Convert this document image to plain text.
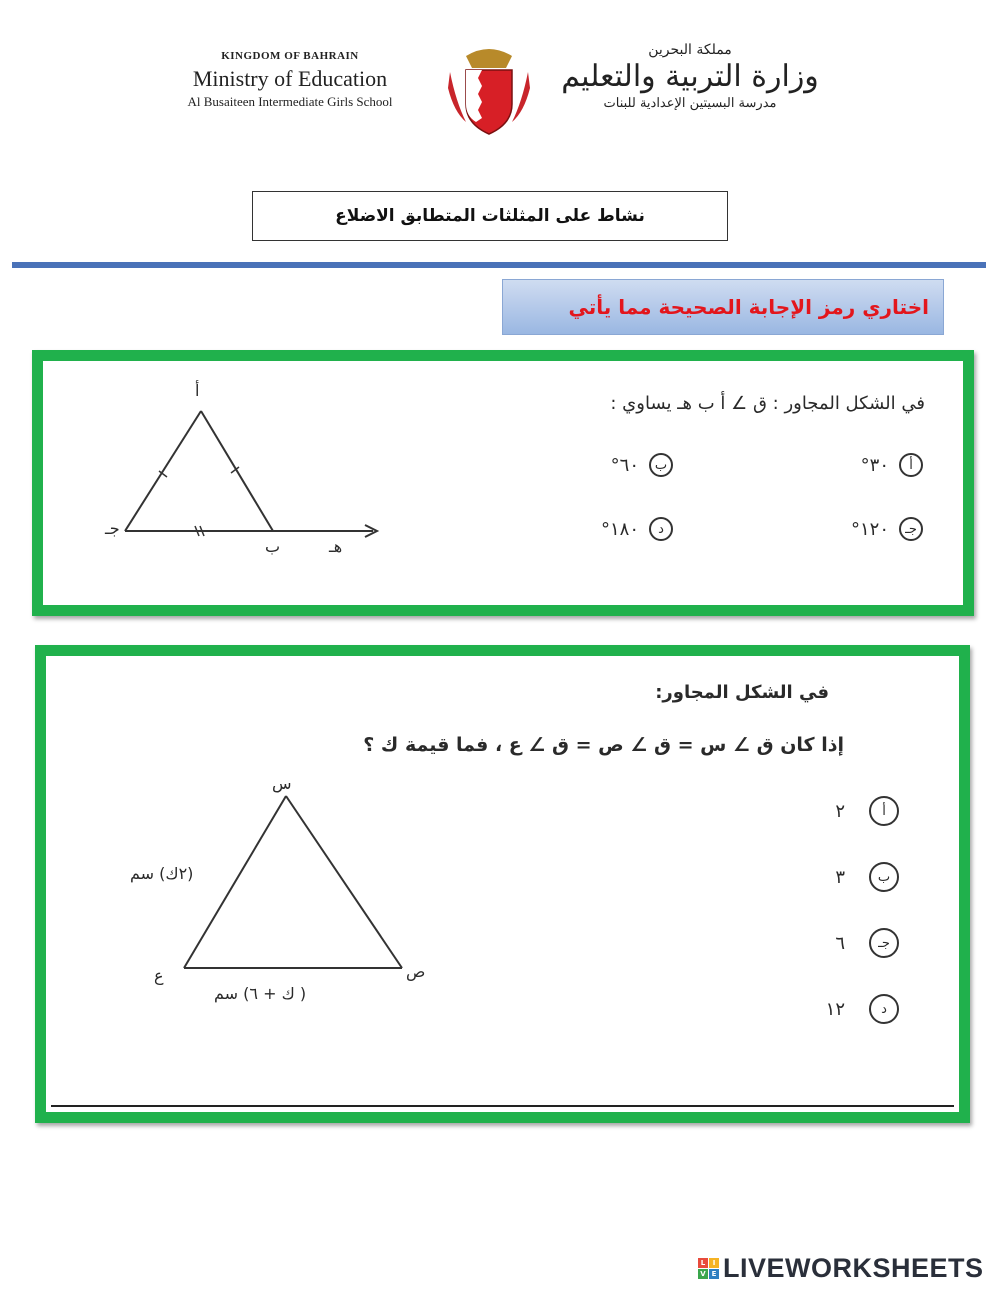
KINGDOM OF BAHRAIN
Ministry of Education
Al Busaiteen Intermediate Girls School
مملكة البحرين
وزارة التربية والتعليم
مدرسة البسيتين الإعدادية للبنات
نشاط على المثلثات المتطابق الاضلاع
اختاري رمز الإجابة الصحيحة مما يأتي
في الشكل المجاور : ق ∠ أ ب هـ يساوي :
أ
٣٠°
ب
٦٠°
جـ
١٢٠°
د
١٨٠°
أ
جـ
ب	هـ
في الشكل المجاور:
إذا كان ق ∠ س = ق ∠ ص = ق ∠ ع ، فما قيمة ك ؟
أ
٢
ب
٣
جـ
٦
د
١٢
س
ع	ص
(٢ك) سم
( ك + ٦) سم
L	I
V E LIVEWORKSHEETS
